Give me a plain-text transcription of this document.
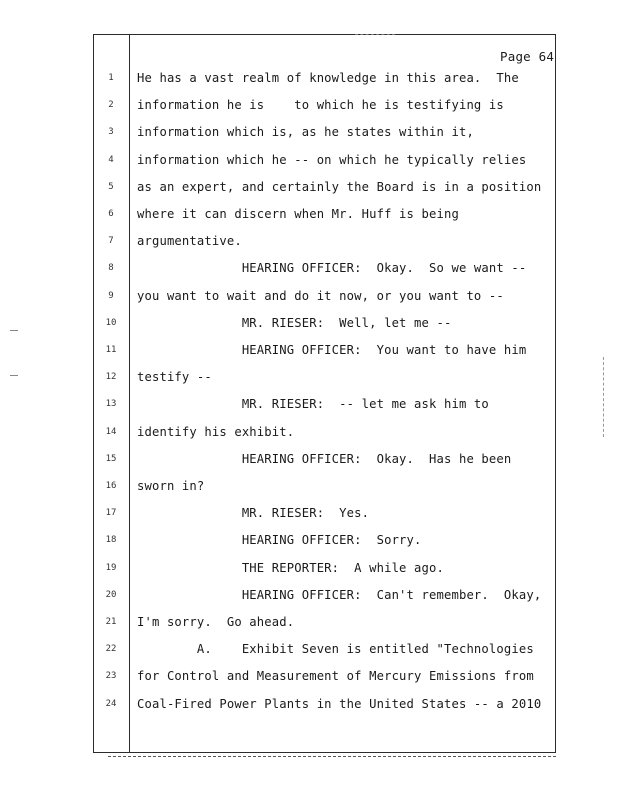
Page 64
1	He has a vast realm of knowledge in this area.  The
2	information he is    to which he is testifying is
3	information which is, as he states within it,
4	information which he -- on which he typically relies
5	as an expert, and certainly the Board is in a position
6	where it can discern when Mr. Huff is being
7	argumentative.
8	HEARING OFFICER:  Okay.  So we want --
9	you want to wait and do it now, or you want to --
10	MR. RIESER:  Well, let me --
11	HEARING OFFICER:  You want to have him
12	testify --
13	MR. RIESER:  -- let me ask him to
14	identify his exhibit.
15	HEARING OFFICER:  Okay.  Has he been
16	sworn in?
17	MR. RIESER:  Yes.
18	HEARING OFFICER:  Sorry.
19	THE REPORTER:  A while ago.
20	HEARING OFFICER:  Can't remember.  Okay,
21	I'm sorry.  Go ahead.
22	A.    Exhibit Seven is entitled "Technologies
23	for Control and Measurement of Mercury Emissions from
24	Coal-Fired Power Plants in the United States -- a 2010
